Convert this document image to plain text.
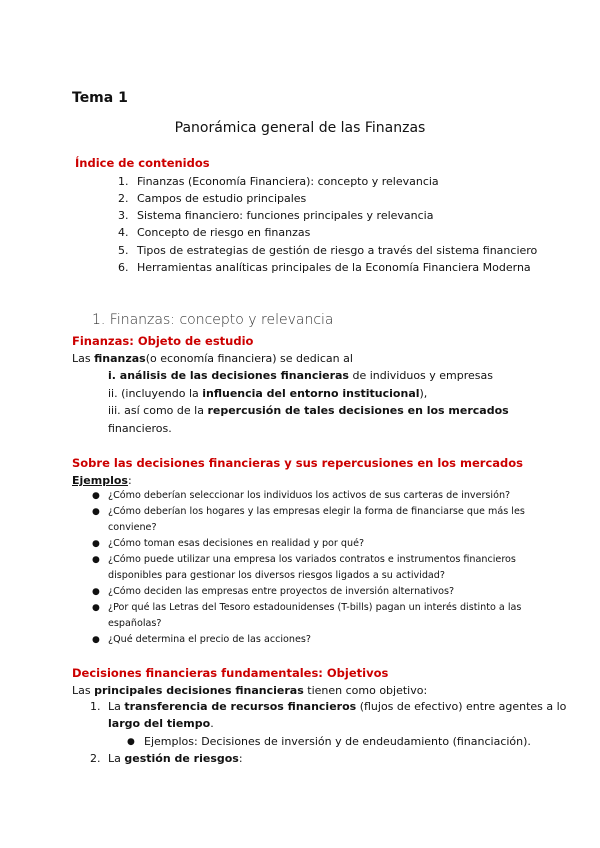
Tema 1
Panorámica general de las Finanzas
Índice de contenidos
1. Finanzas (Economía Financiera): concepto y relevancia
2. Campos de estudio principales
3. Sistema financiero: funciones principales y relevancia
4. Concepto de riesgo en finanzas
5. Tipos de estrategias de gestión de riesgo a través del sistema financiero
6. Herramientas analíticas principales de la Economía Financiera Moderna
1. Finanzas: concepto y relevancia
Finanzas: Objeto de estudio
Las finanzas(o economía financiera) se dedican al
i. análisis de las decisiones financieras de individuos y empresas
ii. (incluyendo la influencia del entorno institucional),
iii. así como de la repercusión de tales decisiones en los mercados
financieros.
Sobre las decisiones financieras y sus repercusiones en los mercados
Ejemplos:
● ¿Cómo deberían seleccionar los individuos los activos de sus carteras de inversión?
● ¿Cómo deberían los hogares y las empresas elegir la forma de financiarse que más les
conviene?
● ¿Cómo toman esas decisiones en realidad y por qué?
● ¿Cómo puede utilizar una empresa los variados contratos e instrumentos financieros
disponibles para gestionar los diversos riesgos ligados a su actividad?
● ¿Cómo deciden las empresas entre proyectos de inversión alternativos?
● ¿Por qué las Letras del Tesoro estadounidenses (T-bills) pagan un interés distinto a las
españolas?
● ¿Qué determina el precio de las acciones?
Decisiones financieras fundamentales: Objetivos
Las principales decisiones financieras tienen como objetivo:
1. La transferencia de recursos financieros (flujos de efectivo) entre agentes a lo
largo del tiempo.
● Ejemplos: Decisiones de inversión y de endeudamiento (financiación).
2. La gestión de riesgos:
